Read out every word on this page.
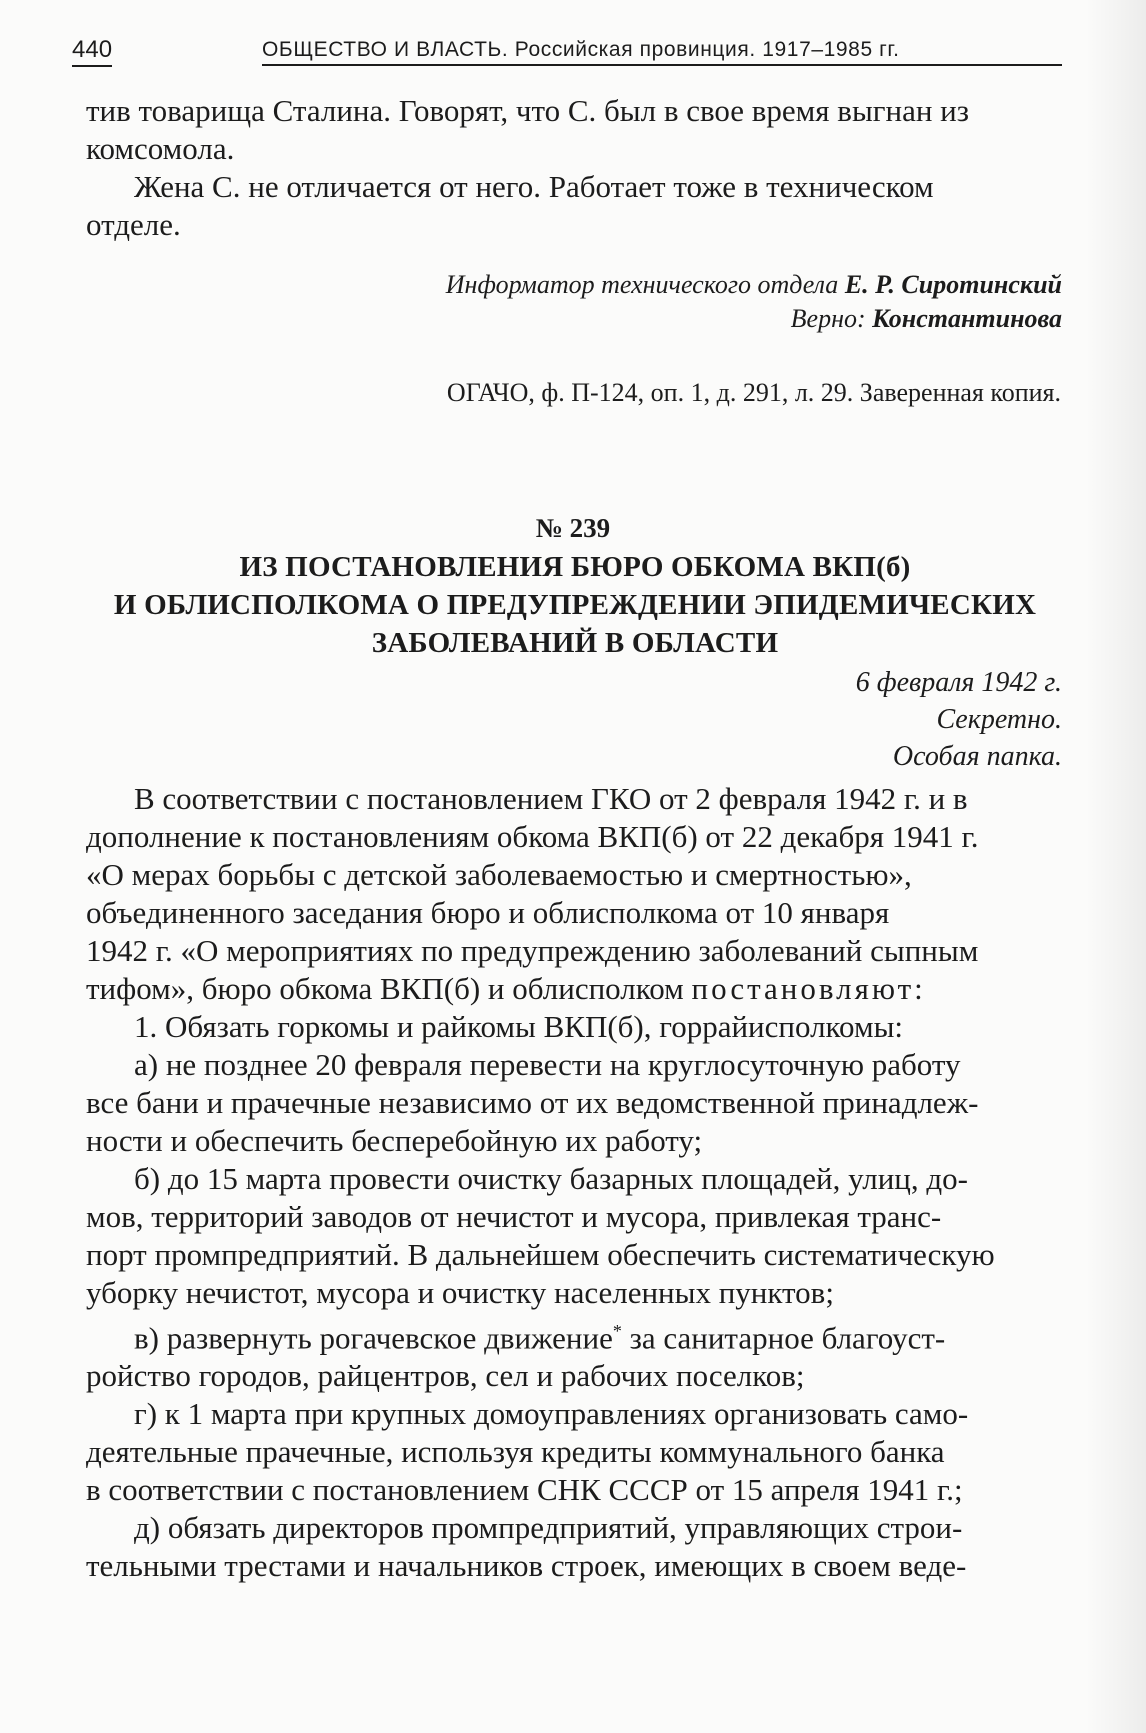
440	ОБЩЕСТВО И ВЛАСТЬ. Российская провинция. 1917–1985 гг.
тив товарища Сталина. Говорят, что С. был в свое время выгнан из
комсомола.
Жена С. не отличается от него. Работает тоже в техническом
отделе.
Информатор технического отдела Е. Р. Сиротинский
Верно: Константинова
ОГАЧО, ф. П-124, оп. 1, д. 291, л. 29. Заверенная копия.
№ 239
ИЗ ПОСТАНОВЛЕНИЯ БЮРО ОБКОМА ВКП(б)
И ОБЛИСПОЛКОМА О ПРЕДУПРЕЖДЕНИИ ЭПИДЕМИЧЕСКИХ
ЗАБОЛЕВАНИЙ В ОБЛАСТИ
6 февраля 1942 г.
Секретно.
Особая папка.
В соответствии с постановлением ГКО от 2 февраля 1942 г. и в
дополнение к постановлениям обкома ВКП(б) от 22 декабря 1941 г.
«О мерах борьбы с детской заболеваемостью и смертностью»,
объединенного заседания бюро и облисполкома от 10 января
1942 г. «О мероприятиях по предупреждению заболеваний сыпным
тифом», бюро обкома ВКП(б) и облисполком постановляют:
1. Обязать горкомы и райкомы ВКП(б), горрайисполкомы:
а) не позднее 20 февраля перевести на круглосуточную работу
все бани и прачечные независимо от их ведомственной принадлеж-
ности и обеспечить бесперебойную их работу;
б) до 15 марта провести очистку базарных площадей, улиц, до-
мов, территорий заводов от нечистот и мусора, привлекая транс-
порт промпредприятий. В дальнейшем обеспечить систематическую
уборку нечистот, мусора и очистку населенных пунктов;
в) развернуть рогачевское движение* за санитарное благоуст-
ройство городов, райцентров, сел и рабочих поселков;
г) к 1 марта при крупных домоуправлениях организовать само-
деятельные прачечные, используя кредиты коммунального банка
в соответствии с постановлением СНК СССР от 15 апреля 1941 г.;
д) обязать директоров промпредприятий, управляющих строи-
тельными трестами и начальников строек, имеющих в своем веде-
